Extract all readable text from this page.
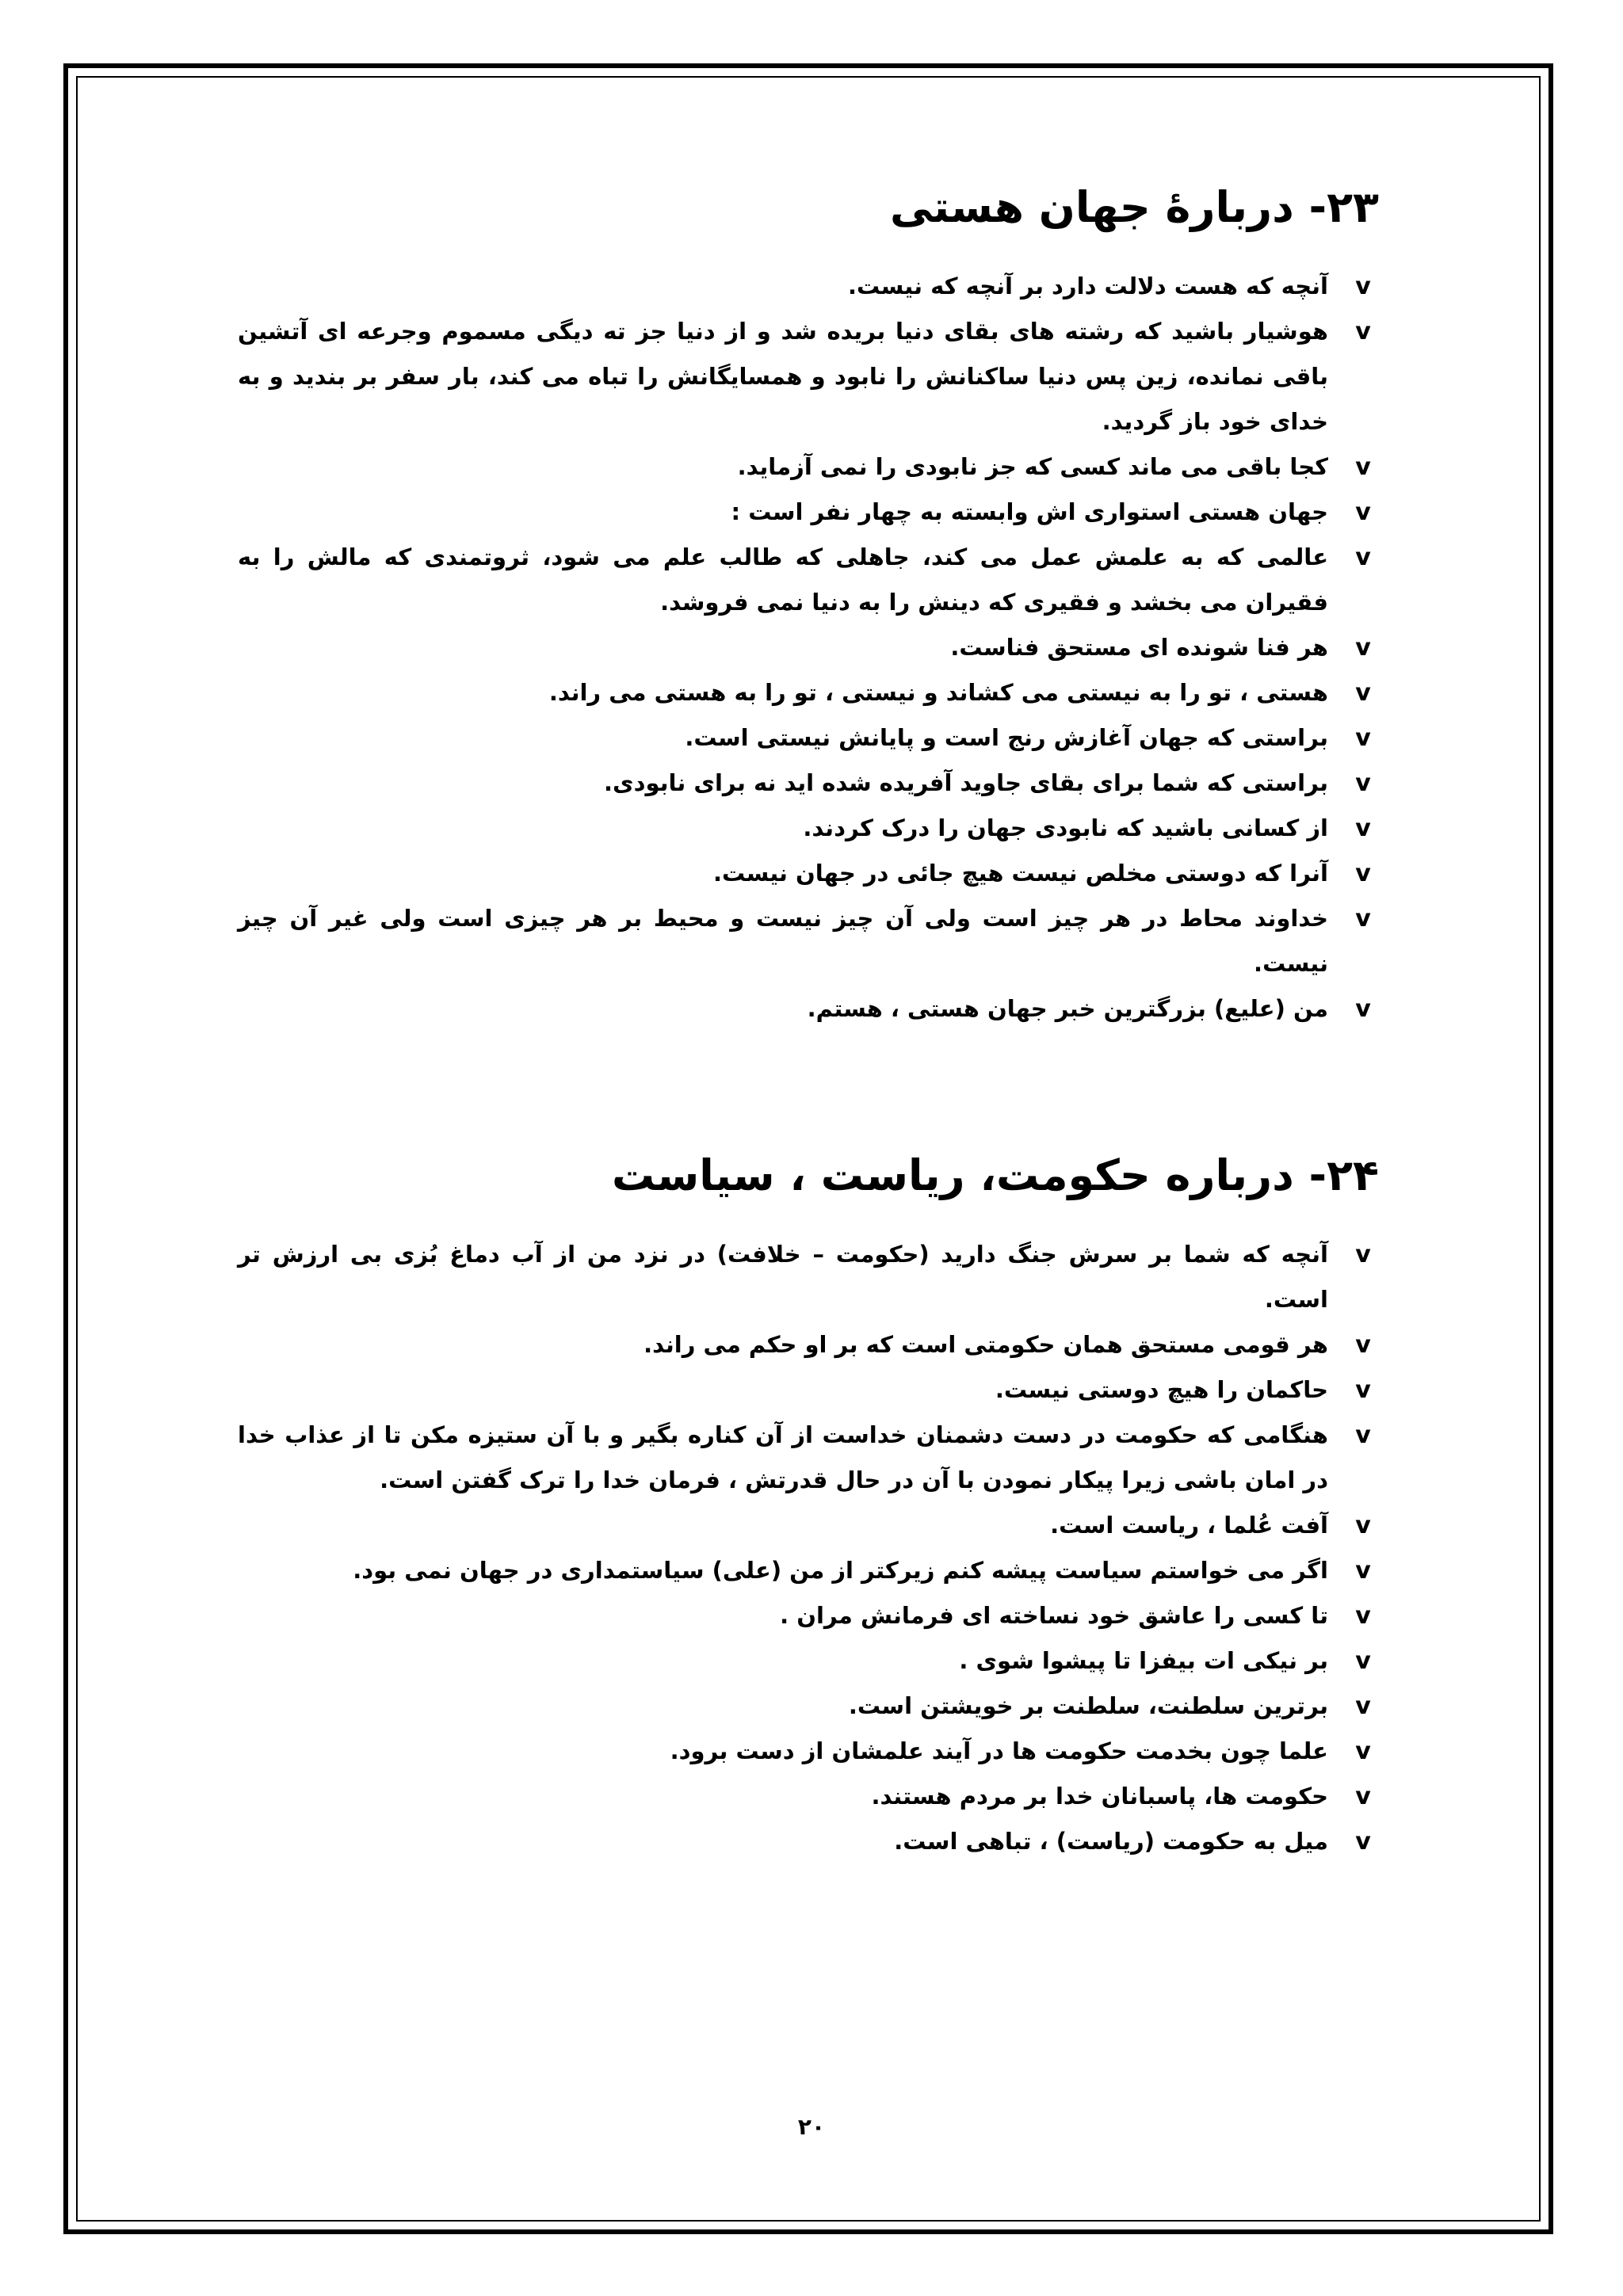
۲۳- دربارۀ جهان هستی
v
آنچه که هست دلالت دارد بر آنچه که نیست.
v
هوشیار باشید که رشته های بقای دنیا بریده شد و از دنیا جز ته دیگی مسموم وجرعه ای آتشین باقی نمانده، زین پس دنیا ساکنانش را نابود و همسایگانش را تباه می کند، بار سفر بر بندید و به خدای خود باز گردید.
v
کجا باقی می ماند کسی که جز نابودی را نمی آزماید.
v
جهان هستی استواری اش وابسته به چهار نفر است :
v
عالمی که به علمش عمل می کند، جاهلی که طالب علم می شود، ثروتمندی که مالش را به فقیران می بخشد و فقیری که دینش را به دنیا نمی فروشد.
v
هر فنا شونده ای مستحق فناست.
v
هستی ، تو را به نیستی می کشاند و نیستی ، تو را به هستی می راند.
v
براستی که جهان آغازش رنج است و پایانش نیستی است.
v
براستی که شما برای بقای جاوید آفریده شده اید نه برای نابودی.
v
از کسانی باشید که نابودی جهان را درک کردند.
v
آنرا که دوستی مخلص نیست هیچ جائی در جهان نیست.
v
خداوند محاط در هر چیز است ولی آن چیز نیست و محیط بر هر چیزی است ولی غیر آن چیز نیست.
v
من (علیع) بزرگترین خبر جهان هستی ، هستم.
۲۴- درباره حکومت، ریاست ، سیاست
v
آنچه که شما بر سرش جنگ دارید (حکومت – خلافت) در نزد من از آب دماغ بُزی بی ارزش تر است.
v
هر قومی مستحق همان حکومتی است که بر او حکم می راند.
v
حاکمان را هیچ دوستی نیست.
v
هنگامی که حکومت در دست دشمنان خداست از آن کناره بگیر و با آن ستیزه مکن تا از عذاب خدا در امان باشی زیرا پیکار نمودن با آن در حال قدرتش ، فرمان خدا را ترک گفتن است.
v
آفت عُلما ، ریاست است.
v
اگر می خواستم سیاست پیشه کنم زیرکتر از من (علی) سیاستمداری در جهان نمی بود.
v
تا کسی را عاشق خود نساخته ای فرمانش مران .
v
بر نیکی ات بیفزا تا پیشوا شوی .
v
برترین سلطنت، سلطنت بر خویشتن است.
v
علما چون بخدمت حکومت ها در آیند علمشان از دست برود.
v
حکومت ها، پاسبانان خدا بر مردم هستند.
v
میل به حکومت (ریاست) ، تباهی است.
۲۰
